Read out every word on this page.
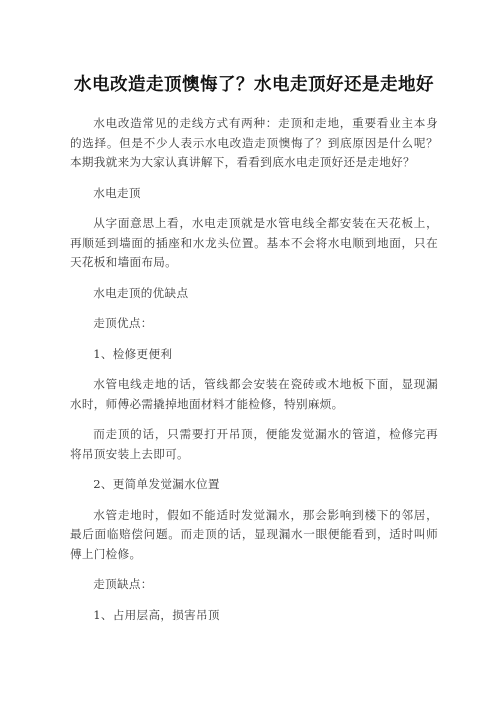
水电改造走顶懊悔了？水电走顶好还是走地好

水电改造常见的走线方式有两种：走顶和走地，重要看业主本身的选择。但是不少人表示水电改造走顶懊悔了？到底原因是什么呢？本期我就来为大家认真讲解下，看看到底水电走顶好还是走地好？

水电走顶

从字面意思上看，水电走顶就是水管电线全都安装在天花板上，再顺延到墙面的插座和水龙头位置。基本不会将水电顺到地面，只在天花板和墙面布局。

水电走顶的优缺点

走顶优点：

1、检修更便利

水管电线走地的话，管线都会安装在瓷砖或木地板下面，显现漏水时，师傅必需撬掉地面材料才能检修，特别麻烦。

而走顶的话，只需要打开吊顶，便能发觉漏水的管道，检修完再将吊顶安装上去即可。

2、更简单发觉漏水位置

水管走地时，假如不能适时发觉漏水，那会影响到楼下的邻居，最后面临赔偿问题。而走顶的话，显现漏水一眼便能看到，适时叫师傅上门检修。

走顶缺点：

1、占用层高，损害吊顶
